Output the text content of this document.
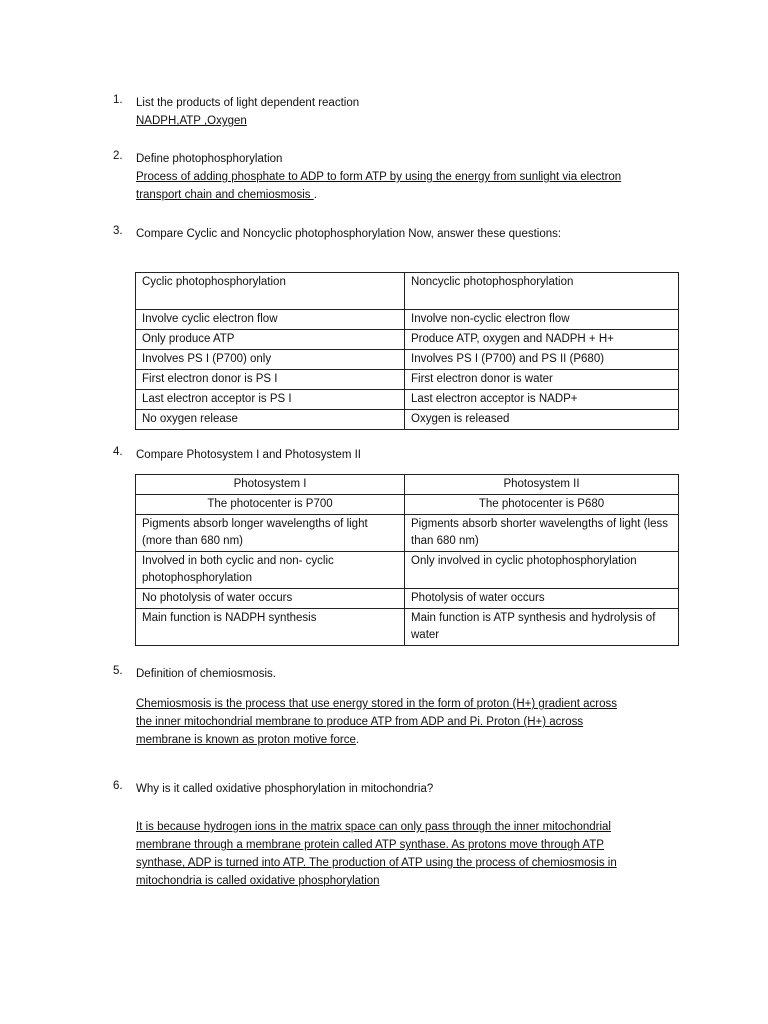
1.	List the products of light dependent reaction
NADPH,ATP ,Oxygen
2.	Define photophosphorylation
Process of adding phosphate to ADP to form ATP by using the energy from sunlight via electron
transport chain and chemiosmosis .
3.	Compare Cyclic and Noncyclic photophosphorylation Now, answer these questions:
Cyclic photophosphorylation	Noncyclic photophosphorylation
Involve cyclic electron flow	Involve non-cyclic electron flow
Only produce ATP	Produce ATP, oxygen and NADPH + H+
Involves PS I (P700) only	Involves PS I (P700) and PS II (P680)
First electron donor is PS I	First electron donor is water
Last electron acceptor is PS I	Last electron acceptor is NADP+
No oxygen release	Oxygen is released
4.	Compare Photosystem I and Photosystem II
Photosystem I	Photosystem II
The photocenter is P700	The photocenter is P680
Pigments absorb longer wavelengths of light (more than 680 nm)	Pigments absorb shorter wavelengths of light (less than 680 nm)
Involved in both cyclic and non- cyclic photophosphorylation	Only involved in cyclic photophosphorylation
No photolysis of water occurs	Photolysis of water occurs
Main function is NADPH synthesis	Main function is ATP synthesis and hydrolysis of water
5.	Definition of chemiosmosis.
Chemiosmosis is the process that use energy stored in the form of proton (H+) gradient across
the inner mitochondrial membrane to produce ATP from ADP and Pi. Proton (H+) across
membrane is known as proton motive force.
6.	Why is it called oxidative phosphorylation in mitochondria?
It is because hydrogen ions in the matrix space can only pass through the inner mitochondrial
membrane through a membrane protein called ATP synthase. As protons move through ATP
synthase, ADP is turned into ATP. The production of ATP using the process of chemiosmosis in
mitochondria is called oxidative phosphorylation
